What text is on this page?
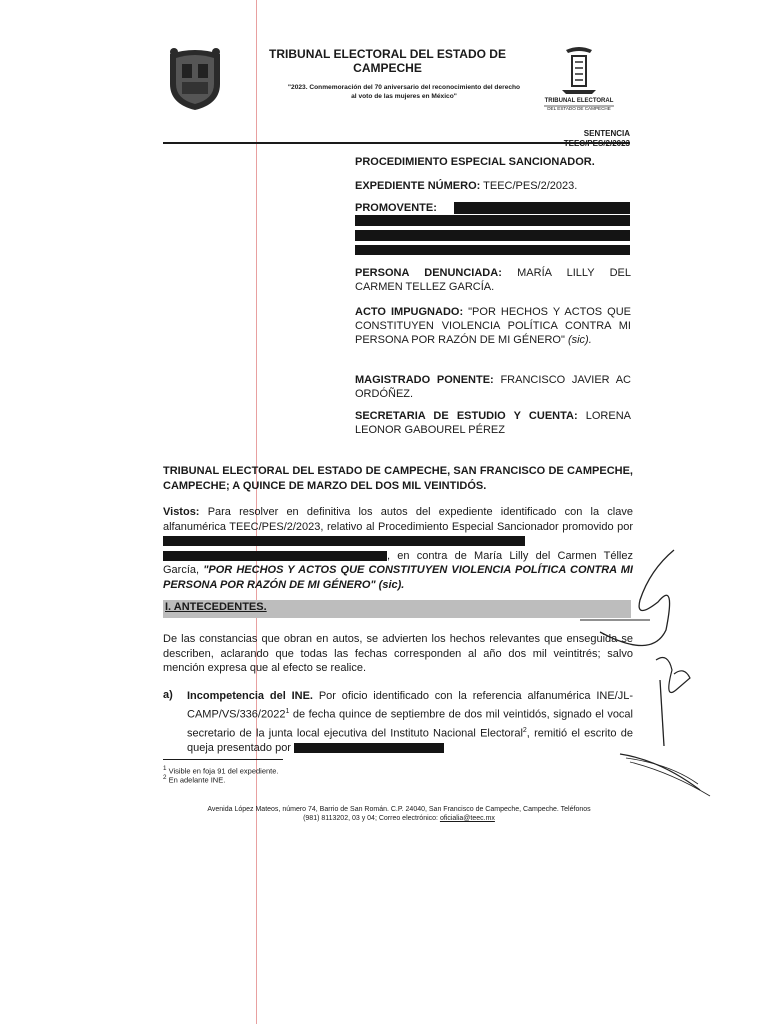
TRIBUNAL ELECTORAL DEL ESTADO DE
CAMPECHE
"2023. Conmemoración del 70 aniversario del reconocimiento del derecho
al voto de las mujeres en México"
TRIBUNAL ELECTORAL
DEL ESTADO DE CAMPECHE
SENTENCIA
PROCEDIMIENTO ESPECIAL SANCIONADOR.
EXPEDIENTE NÚMERO: TEEC/PES/2/2023.
PROMOVENTE:
PERSONA DENUNCIADA: MARÍA LILLY DEL CARMEN TELLEZ GARCÍA.
ACTO IMPUGNADO: "POR HECHOS Y ACTOS QUE CONSTITUYEN VIOLENCIA POLÍTICA CONTRA MI PERSONA POR RAZÓN DE MI GÉNERO" (sic).
MAGISTRADO PONENTE: FRANCISCO JAVIER AC ORDÓÑEZ.
SECRETARIA DE ESTUDIO Y CUENTA: LORENA LEONOR GABOUREL PÉREZ
TRIBUNAL ELECTORAL DEL ESTADO DE CAMPECHE, SAN FRANCISCO DE CAMPECHE, CAMPECHE; A QUINCE DE MARZO DEL DOS MIL VEINTIDÓS.
Vistos: Para resolver en definitiva los autos del expediente identificado con la clave alfanumérica TEEC/PES/2/2023, relativo al Procedimiento Especial Sancionador promovido por  , en contra de María Lilly del Carmen Téllez García, "POR HECHOS Y ACTOS QUE CONSTITUYEN VIOLENCIA POLÍTICA CONTRA MI PERSONA POR RAZÓN DE MI GÉNERO" (sic).
I. ANTECEDENTES.
De las constancias que obran en autos, se advierten los hechos relevantes que enseguida se describen, aclarando que todas las fechas corresponden al año dos mil veintitrés; salvo mención expresa que al efecto se realice.
a) Incompetencia del INE. Por oficio identificado con la referencia alfanumérica INE/JL-CAMP/VS/336/2022$^1$ de fecha quince de septiembre de dos mil veintidós, signado el vocal secretario de la junta local ejecutiva del Instituto Nacional Electoral$^2$, remitió el escrito de queja presentado por
$^1$ Visible en foja 91 del expediente.
$^2$ En adelante INE.
Avenida López Mateos, número 74, Barrio de San Román. C.P. 24040, San Francisco de Campeche, Campeche. Teléfonos
(981) 8113202, 03 y 04; Correo electrónico: oficialia@teec.mx
